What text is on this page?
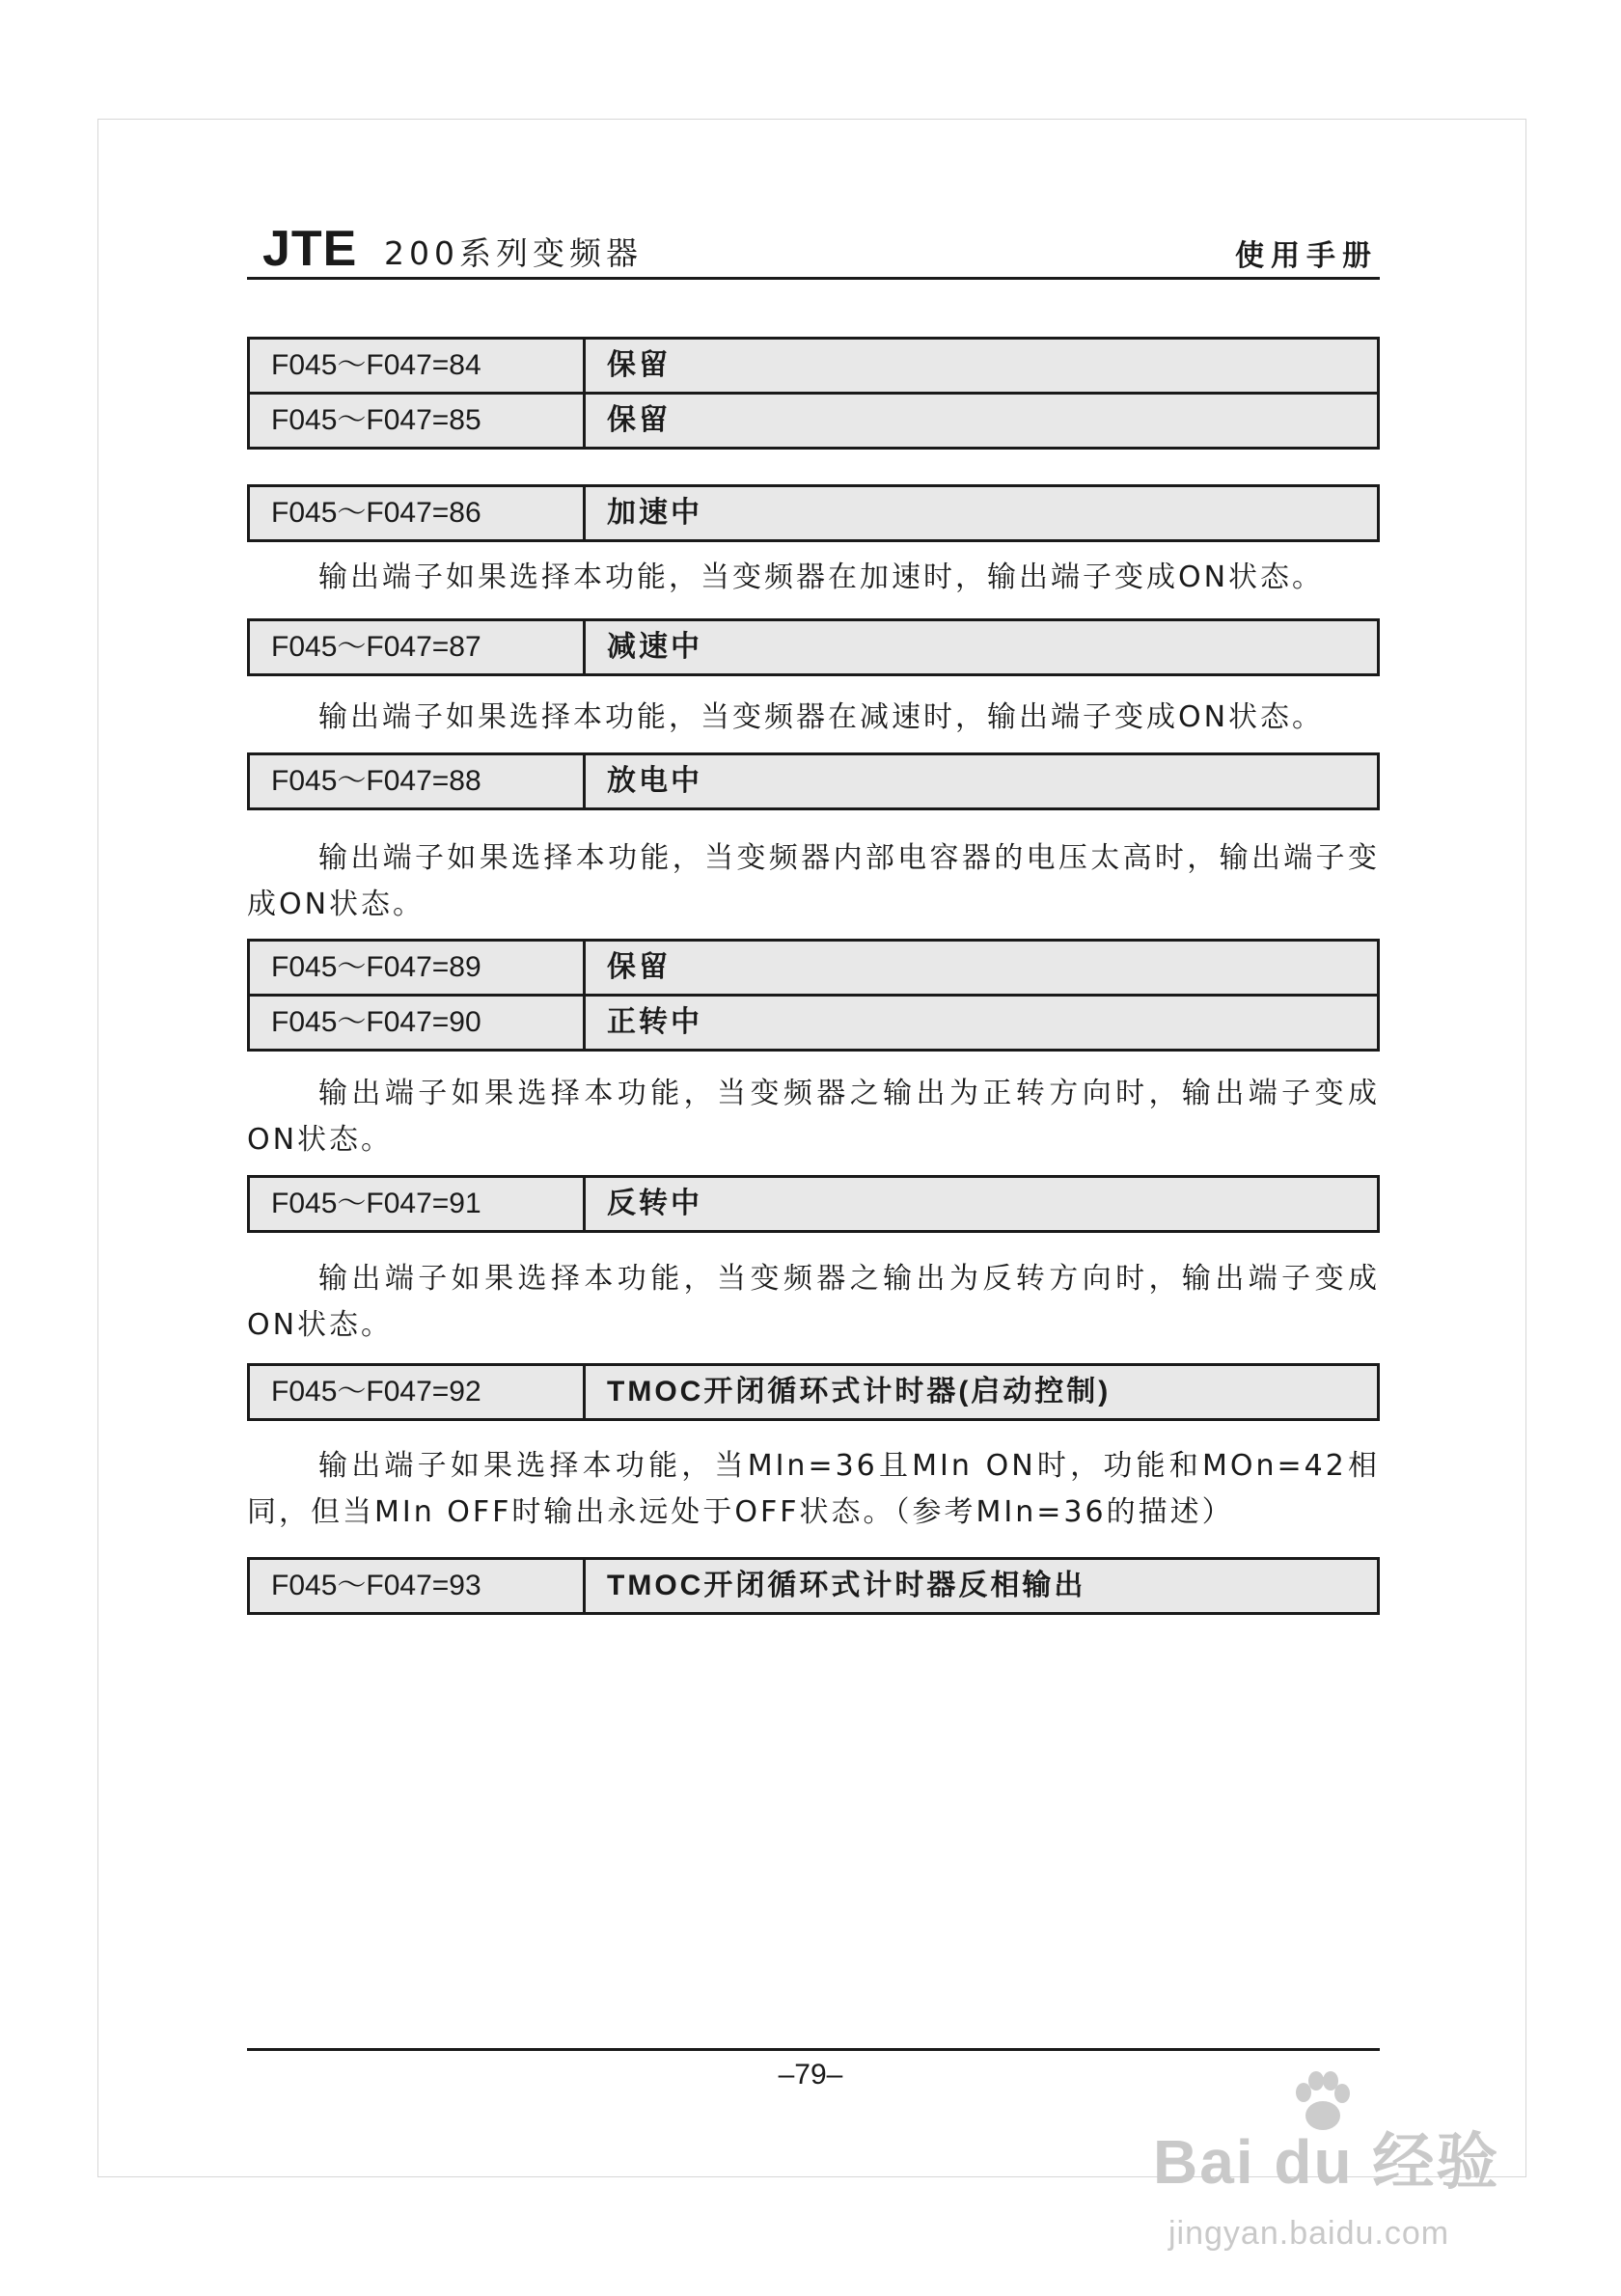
JTE 200系列变频器	使用手册
F045～F047=84	保留
F045～F047=85	保留
F045～F047=86	加速中

输出端子如果选择本功能，当变频器在加速时，输出端子变成ON状态。

F045～F047=87	减速中

输出端子如果选择本功能，当变频器在减速时，输出端子变成ON状态。

F045～F047=88	放电中

输出端子如果选择本功能，当变频器内部电容器的电压太高时，输出端子变成ON状态。

F045～F047=89	保留
F045～F047=90	正转中

输出端子如果选择本功能，当变频器之输出为正转方向时，输出端子变成ON状态。

F045～F047=91	反转中

输出端子如果选择本功能，当变频器之输出为反转方向时，输出端子变成ON状态。

F045～F047=92	TMOC开闭循环式计时器(启动控制)

输出端子如果选择本功能，当MIn=36且MIn ON时，功能和MOn=42相同，但当MIn OFF时输出永远处于OFF状态。（参考MIn=36的描述）

F045～F047=93	TMOC开闭循环式计时器反相输出
–79–
Bai du 经验
jingyan.baidu.com
